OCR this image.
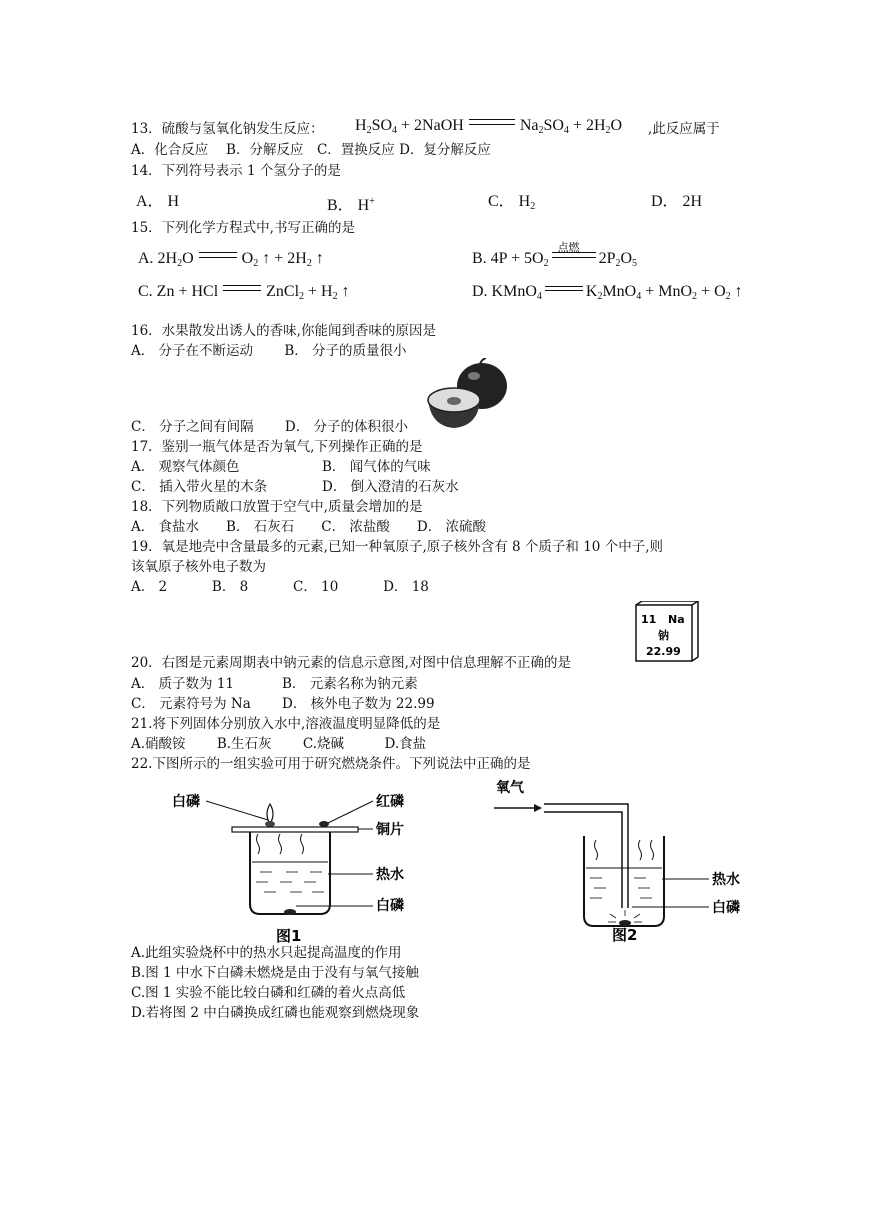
13．硫酸与氢氧化钠发生反应： $H_2SO_4$ + 2NaOH	$Na_2SO_4 + 2H_2O$ ,此反应属于
A．化合反应　 B．分解反应　C．置换反应 D．复分解反应
14．下列符号表示 1 个氢分子的是
A． H	B． H+	C． $H_2$	D． 2H
15．下列化学方程式中,书写正确的是
A. $2H_2O$	$O_2$ ↑ + $2H_2$ ↑	B. $4P + 5O_2$
点燃
$2P_2O_5$
C. Zn + HCl	ZnCl$_2$ + $H_2$ ↑	D. KMnO$_4$	$K_2MnO_4 + MnO_2 + O_2$ ↑
16．水果散发出诱人的香味,你能闻到香味的原因是
A． 分子在不断运动　　 B． 分子的质量很小
C． 分子之间有间隔　　 D． 分子的体积很小
17．鉴别一瓶气体是否为氧气,下列操作正确的是
A． 观察气体颜色	B． 闻气体的气味
C． 插入带火星的木条	D． 倒入澄清的石灰水
18．下列物质敞口放置于空气中,质量会增加的是
A． 食盐水　　B． 石灰石　　C． 浓盐酸　　D． 浓硫酸
19．氧是地壳中含量最多的元素,已知一种氧原子,原子核外含有 8 个质子和 10 个中子,则
该氧原子核外电子数为
A． 2　　　 B． 8　　　 C． 10　　　 D． 18
11 Na
钠
22.99
20．右图是元素周期表中钠元素的信息示意图,对图中信息理解不正确的是
A． 质子数为 11	B． 元素名称为钠元素
C． 元素符号为 Na D． 核外电子数为 22.99
21.将下列固体分别放入水中,溶液温度明显降低的是
A.硝酸铵　　 B.生石灰　　 C.烧碱　　　D.食盐
22.下图所示的一组实验可用于研究燃烧条件。下列说法中正确的是
白磷	红磷
铜片
热水
白磷
图1
氧气
热水
白磷
图2
A.此组实验烧杯中的热水只起提高温度的作用
B.图 1 中水下白磷未燃烧是由于没有与氧气接触
C.图 1 实验不能比较白磷和红磷的着火点高低
D.若将图 2 中白磷换成红磷也能观察到燃烧现象
